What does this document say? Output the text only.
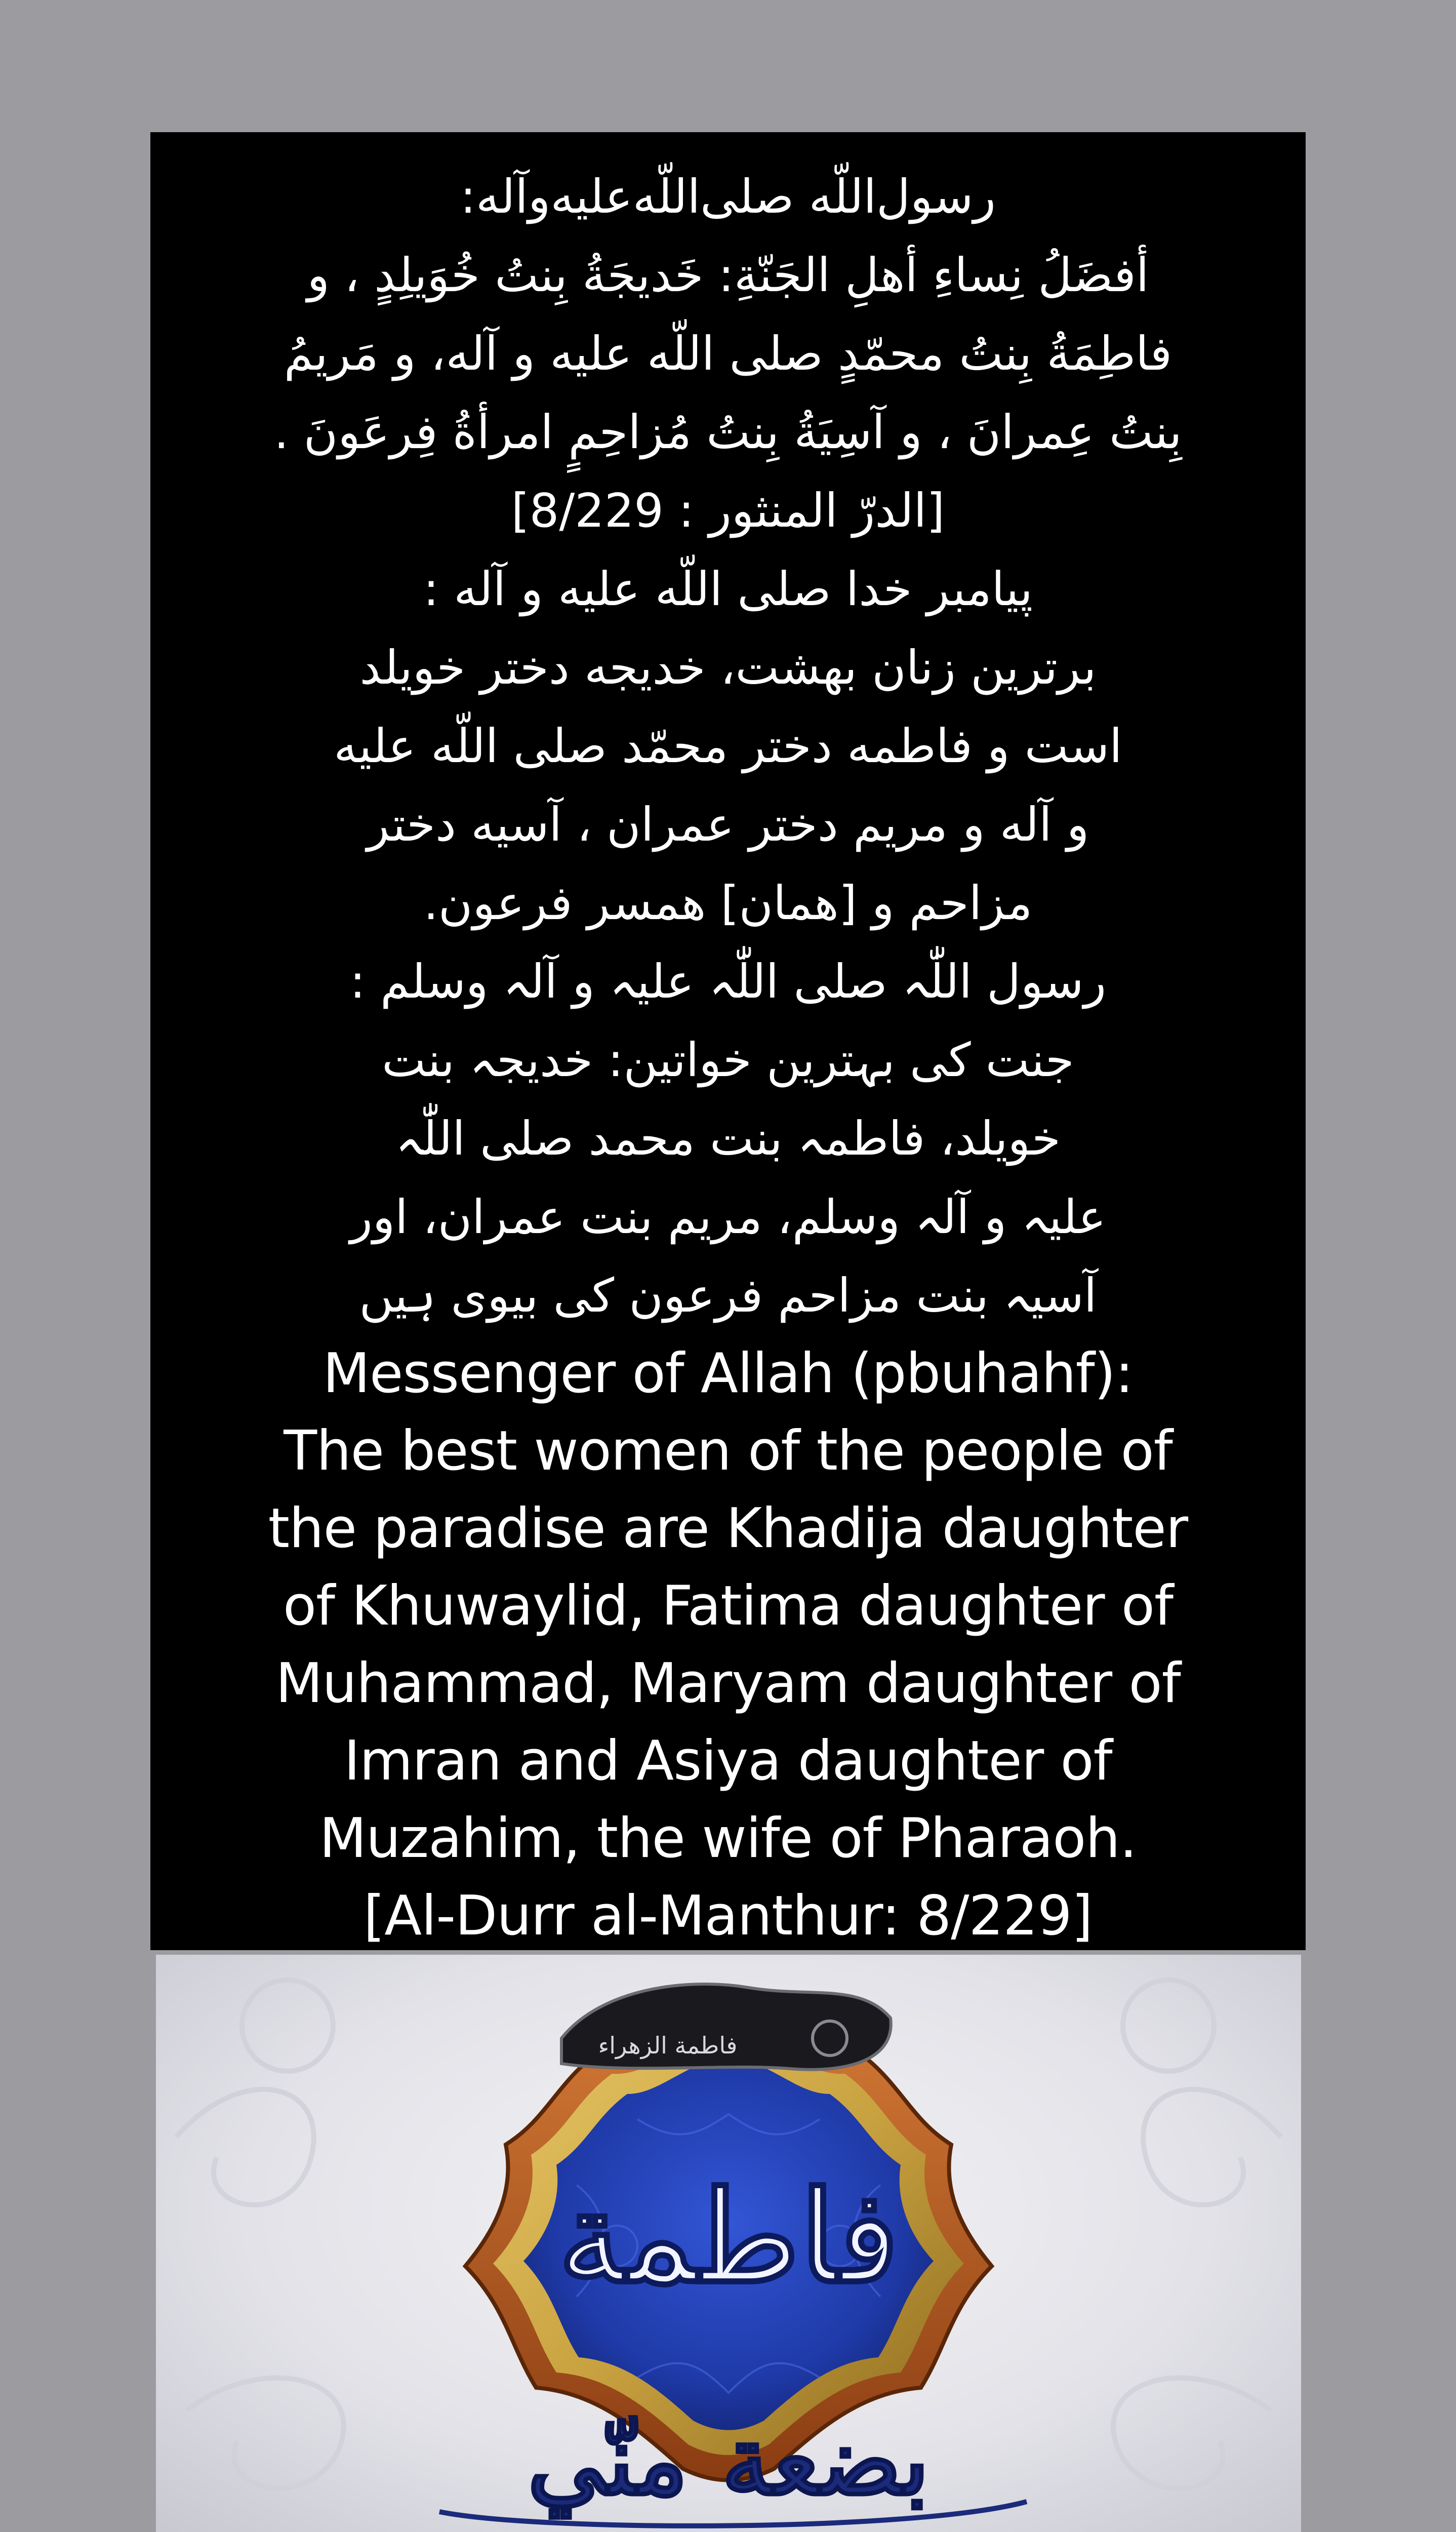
رسول‌اللّه صلی‌اللّه‌علیه‌وآله:
أفضَلُ نِساءِ أهلِ الجَنّةِ: خَديجَةُ بِنتُ خُوَيلِدٍ ، و
فاطِمَةُ بِنتُ محمّدٍ صلى اللّه عليه و آله، و مَريمُ
بِنتُ عِمرانَ ، و آسِيَةُ بِنتُ مُزاحِمٍ امرأةُ فِرعَونَ .
[الدرّ المنثور : 8/229]
پيامبر خدا صلى اللّه عليه و آله :
برترين زنان بهشت، خديجه دختر خويلد
است و فاطمه دختر محمّد صلى اللّه عليه
و آله و مريم دختر عمران ، آسيه دختر
مزاحم و [همان] همسر فرعون.
رسول اللّٰہ صلی اللّٰہ علیہ و آلہ وسلم :
جنت کی بہترین خواتین: خدیجہ بنت
خویلد، فاطمہ بنت محمد صلی اللّٰہ
علیہ و آلہ وسلم، مریم بنت عمران، اور
آسیہ بنت مزاحم فرعون کی بیوی ہیں
Messenger of Allah (pbuhahf):
The best women of the people of
the paradise are Khadija daughter
of Khuwaylid, Fatima daughter of
Muhammad, Maryam daughter of
Imran and Asiya daughter of
Muzahim, the wife of Pharaoh.
[Al-Durr al-Manthur: 8/229]
فاطمة
فاطمة الزهراء
بضعة منّي
